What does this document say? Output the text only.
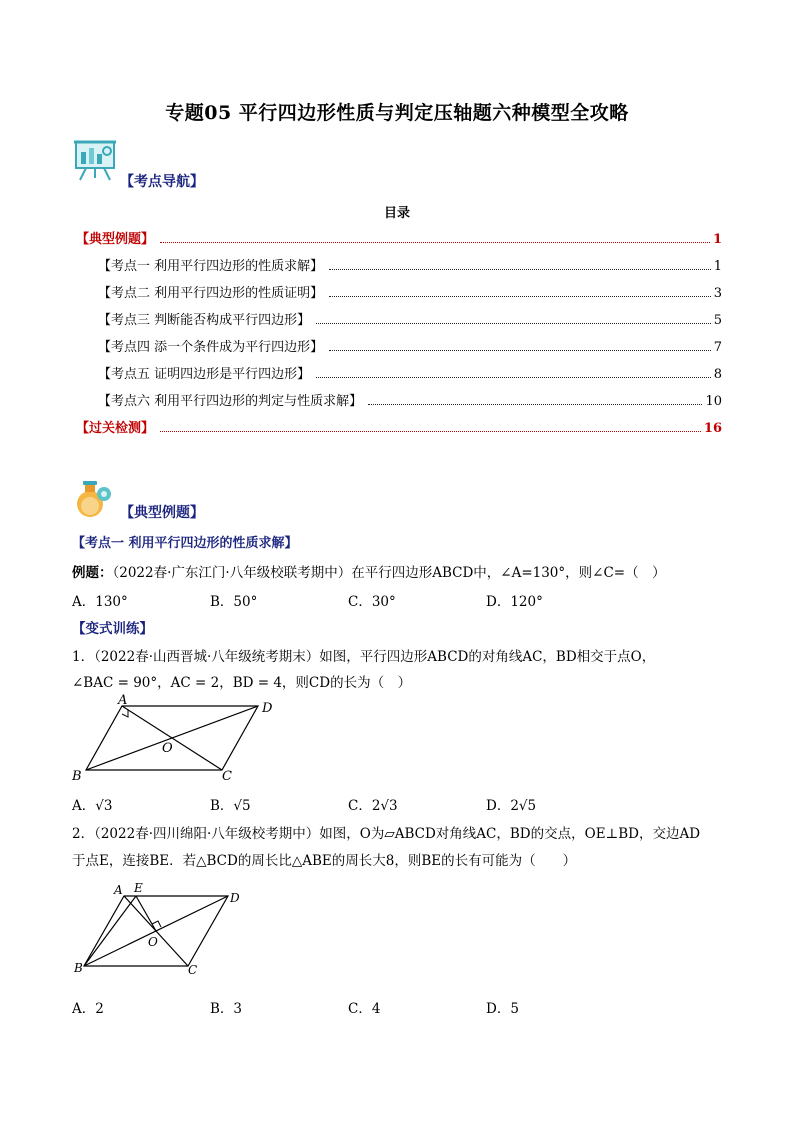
专题05 平行四边形性质与判定压轴题六种模型全攻略
【考点导航】
目录
【典型例题】	1
【考点一 利用平行四边形的性质求解】	1
【考点二 利用平行四边形的性质证明】	3
【考点三 判断能否构成平行四边形】	5
【考点四 添一个条件成为平行四边形】	7
【考点五 证明四边形是平行四边形】	8
【考点六 利用平行四边形的判定与性质求解】	10
【过关检测】	16
【典型例题】
【考点一 利用平行四边形的性质求解】
例题：（2022春·广东江门·八年级校联考期中）在平行四边形ABCD中，∠A=130°，则∠C=（　）
A．130°	B．50°	C．30°	D．120°
【变式训练】
1．（2022春·山西晋城·八年级统考期末）如图，平行四边形ABCD的对角线AC，BD相交于点O，
∠BAC = 90°，AC = 2，BD = 4，则CD的长为（　）
A
D
O
B	C
A．√3	B．√5	C．2√3	D．2√5
2．（2022春·四川绵阳·八年级校考期中）如图，O为▱ABCD对角线AC，BD的交点，OE⊥BD，交边AD
于点E，连接BE．若△BCD的周长比△ABE的周长大8，则BE的长有可能为（　　）
A E
D
O
B	C
A．2	B．3	C．4	D．5
